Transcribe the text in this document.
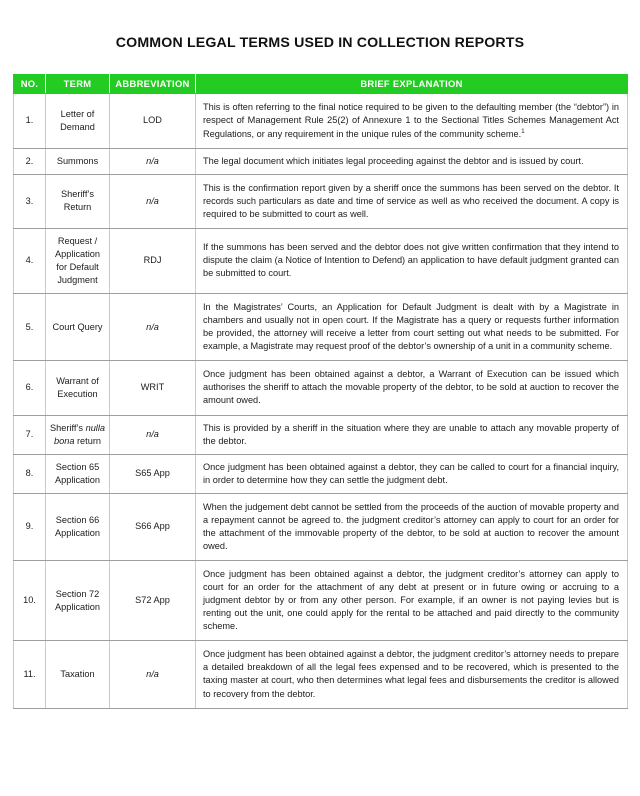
COMMON LEGAL TERMS USED IN COLLECTION REPORTS
NO.	TERM	ABBREVIATION	BRIEF EXPLANATION
1.	Letter of Demand	LOD	This is often referring to the final notice required to be given to the defaulting member (the “debtor”) in respect of Management Rule 25(2) of Annexure 1 to the Sectional Titles Schemes Management Act Regulations, or any requirement in the unique rules of the community scheme.$^1$
2.	Summons	n/a	The legal document which initiates legal proceeding against the debtor and is issued by court.
3.	Sheriff’s Return	n/a	This is the confirmation report given by a sheriff once the summons has been served on the debtor. It records such particulars as date and time of service as well as who received the document. A copy is required to be submitted to court as well.
4.	Request / Application for Default Judgment	RDJ	If the summons has been served and the debtor does not give written confirmation that they intend to dispute the claim (a Notice of Intention to Defend) an application to have default judgment granted can be submitted to court.
5.	Court Query	n/a	In the Magistrates’ Courts, an Application for Default Judgment is dealt with by a Magistrate in chambers and usually not in open court. If the Magistrate has a query or requests further information be provided, the attorney will receive a letter from court setting out what needs to be submitted. For example, a Magistrate may request proof of the debtor’s ownership of a unit in a community scheme.
6.	Warrant of Execution	WRIT	Once judgment has been obtained against a debtor, a Warrant of Execution can be issued which authorises the sheriff to attach the movable property of the debtor, to be sold at auction to recover the amount owed.
7.	Sheriff’s nulla bona return	n/a	This is provided by a sheriff in the situation where they are unable to attach any movable property of the debtor.
8.	Section 65 Application	S65 App	Once judgment has been obtained against a debtor, they can be called to court for a financial inquiry, in order to determine how they can settle the judgment debt.
9.	Section 66 Application	S66 App	When the judgement debt cannot be settled from the proceeds of the auction of movable property and a repayment cannot be agreed to. the judgment creditor’s attorney can apply to court for an order for the attachment of the immovable property of the debtor, to be sold at auction to recover the amount owed.
10.	Section 72 Application	S72 App	Once judgment has been obtained against a debtor, the judgment creditor’s attorney can apply to court for an order for the attachment of any debt at present or in future owing or accruing to a judgment debtor by or from any other person. For example, if an owner is not paying levies but is renting out the unit, one could apply for the rental to be attached and paid directly to the community scheme.
11.	Taxation	n/a	Once judgment has been obtained against a debtor, the judgment creditor’s attorney needs to prepare a detailed breakdown of all the legal fees expensed and to be recovered, which is presented to the taxing master at court, who then determines what legal fees and disbursements the creditor is allowed to recovery from the debtor.
